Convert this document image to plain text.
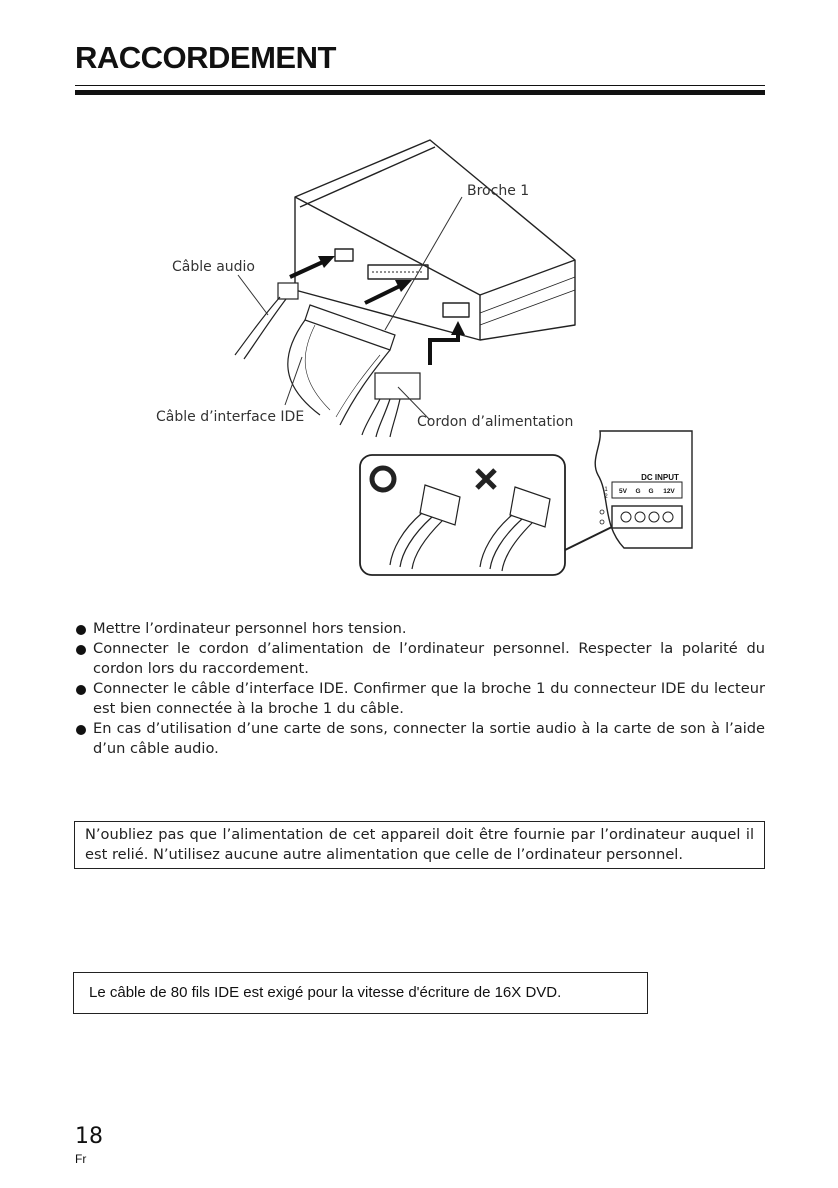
RACCORDEMENT
DC INPUT
5V G G 12V
1
2
Broche 1
Câble audio
Câble d’interface IDE	Cordon d’alimentation
Mettre l’ordinateur personnel hors tension.
Connecter le cordon d’alimentation de l’ordinateur personnel. Respecter la polarité du cordon lors du raccordement.
Connecter le câble d’interface IDE. Confirmer que la broche 1 du connecteur IDE du lecteur est bien connectée à la broche 1 du câble.
En cas d’utilisation d’une carte de sons, connecter la sortie audio à la carte de son à l’aide d’un câble audio.
N’oubliez pas que l’alimentation de cet appareil doit être fournie par l’ordinateur auquel il est relié. N’utilisez aucune autre alimentation que celle de l’ordinateur personnel.
Le câble de 80 fils IDE est exigé pour la vitesse d'écriture de 16X DVD.
18
Fr
